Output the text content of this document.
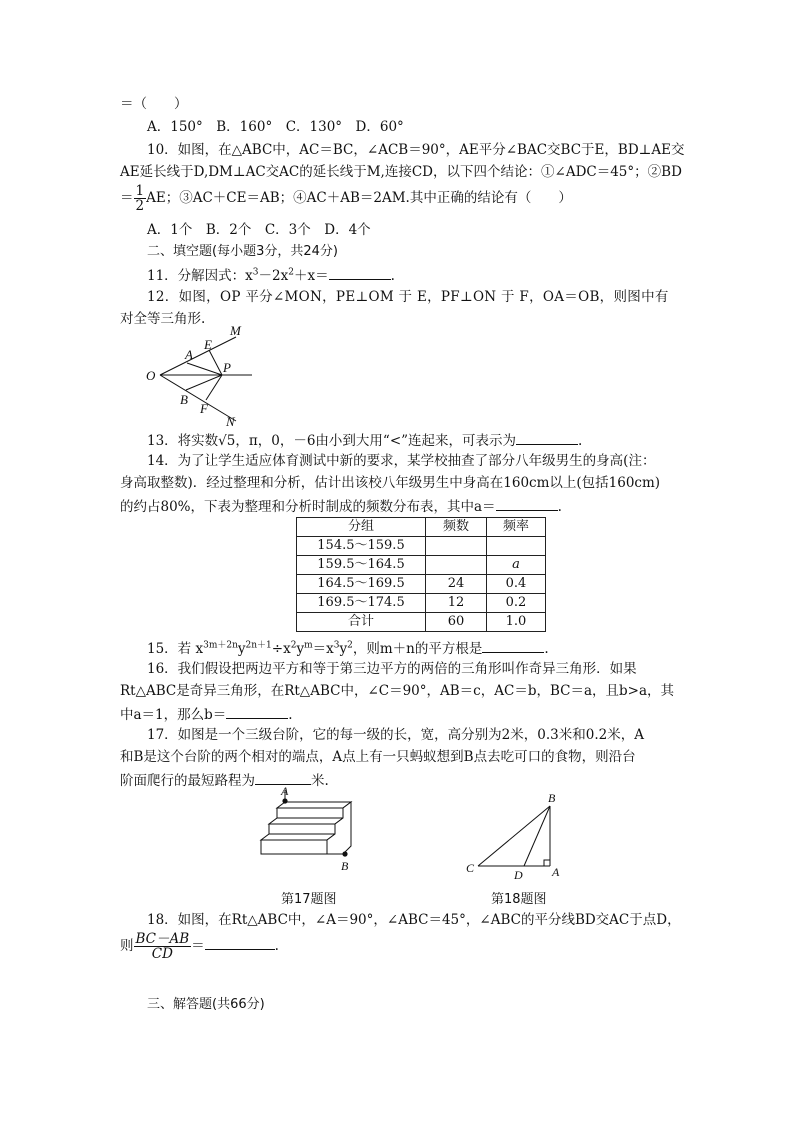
＝（　　）
A．150°　B．160°　C．130°　D．60°
10．如图，在△ABC中，AC＝BC，∠ACB＝90°，AE平分∠BAC交BC于E，BD⊥AE交
AE延长线于D,DM⊥AC交AC的延长线于M,连接CD，以下四个结论：①∠ADC＝45°；②BD
＝ $\frac{1}{2}$ AE；③AC＋CE＝AB；④AC＋AB＝2AM.其中正确的结论有（　　）
A．1个　B．2个　C．3个　D．4个
二、填空题(每小题3分，共24分)
11．分解因式：$x^3-2x^2+x=$	.
12．如图，OP 平分∠MON，PE⊥OM 于 E，PF⊥ON 于 F，OA＝OB，则图中有
对全等三角形.
M
E
A
O
P
B
F
N
13．将实数√5，π，0，－6由小到大用“<”连起来，可表示为	.
14．为了让学生适应体育测试中新的要求，某学校抽查了部分八年级男生的身高(注：
身高取整数)．经过整理和分析，估计出该校八年级男生中身高在160cm以上(包括160cm)
的约占80%，下表为整理和分析时制成的频数分布表，其中a＝	.
分组	频数	频率
154.5～159.5		
159.5～164.5		a
164.5～169.5	24	0.4
169.5～174.5	12	0.2
合计	60	1.0
15．若 $x^{3m+2n}y^{2n+1}\div x^2y^m=x^3y^2$，则m＋n的平方根是	.
16．我们假设把两边平方和等于第三边平方的两倍的三角形叫作奇异三角形．如果
Rt△ABC是奇异三角形，在Rt△ABC中，∠C＝90°，AB＝c，AC＝b，BC＝a，且b>a，其
中a＝1，那么b＝	.
17．如图是一个三级台阶，它的每一级的长，宽，高分别为2米，0.3米和0.2米，A
和B是这个台阶的两个相对的端点，A点上有一只蚂蚁想到B点去吃可口的食物，则沿台
阶面爬行的最短路程为	米.
A
B
B
C	D A
第17题图	第18题图
18．如图，在Rt△ABC中，∠A＝90°，∠ABC＝45°，∠ABC的平分线BD交AC于点D，
则 $\frac{BC-AB}{CD}$ ＝	.
三、解答题(共66分)
